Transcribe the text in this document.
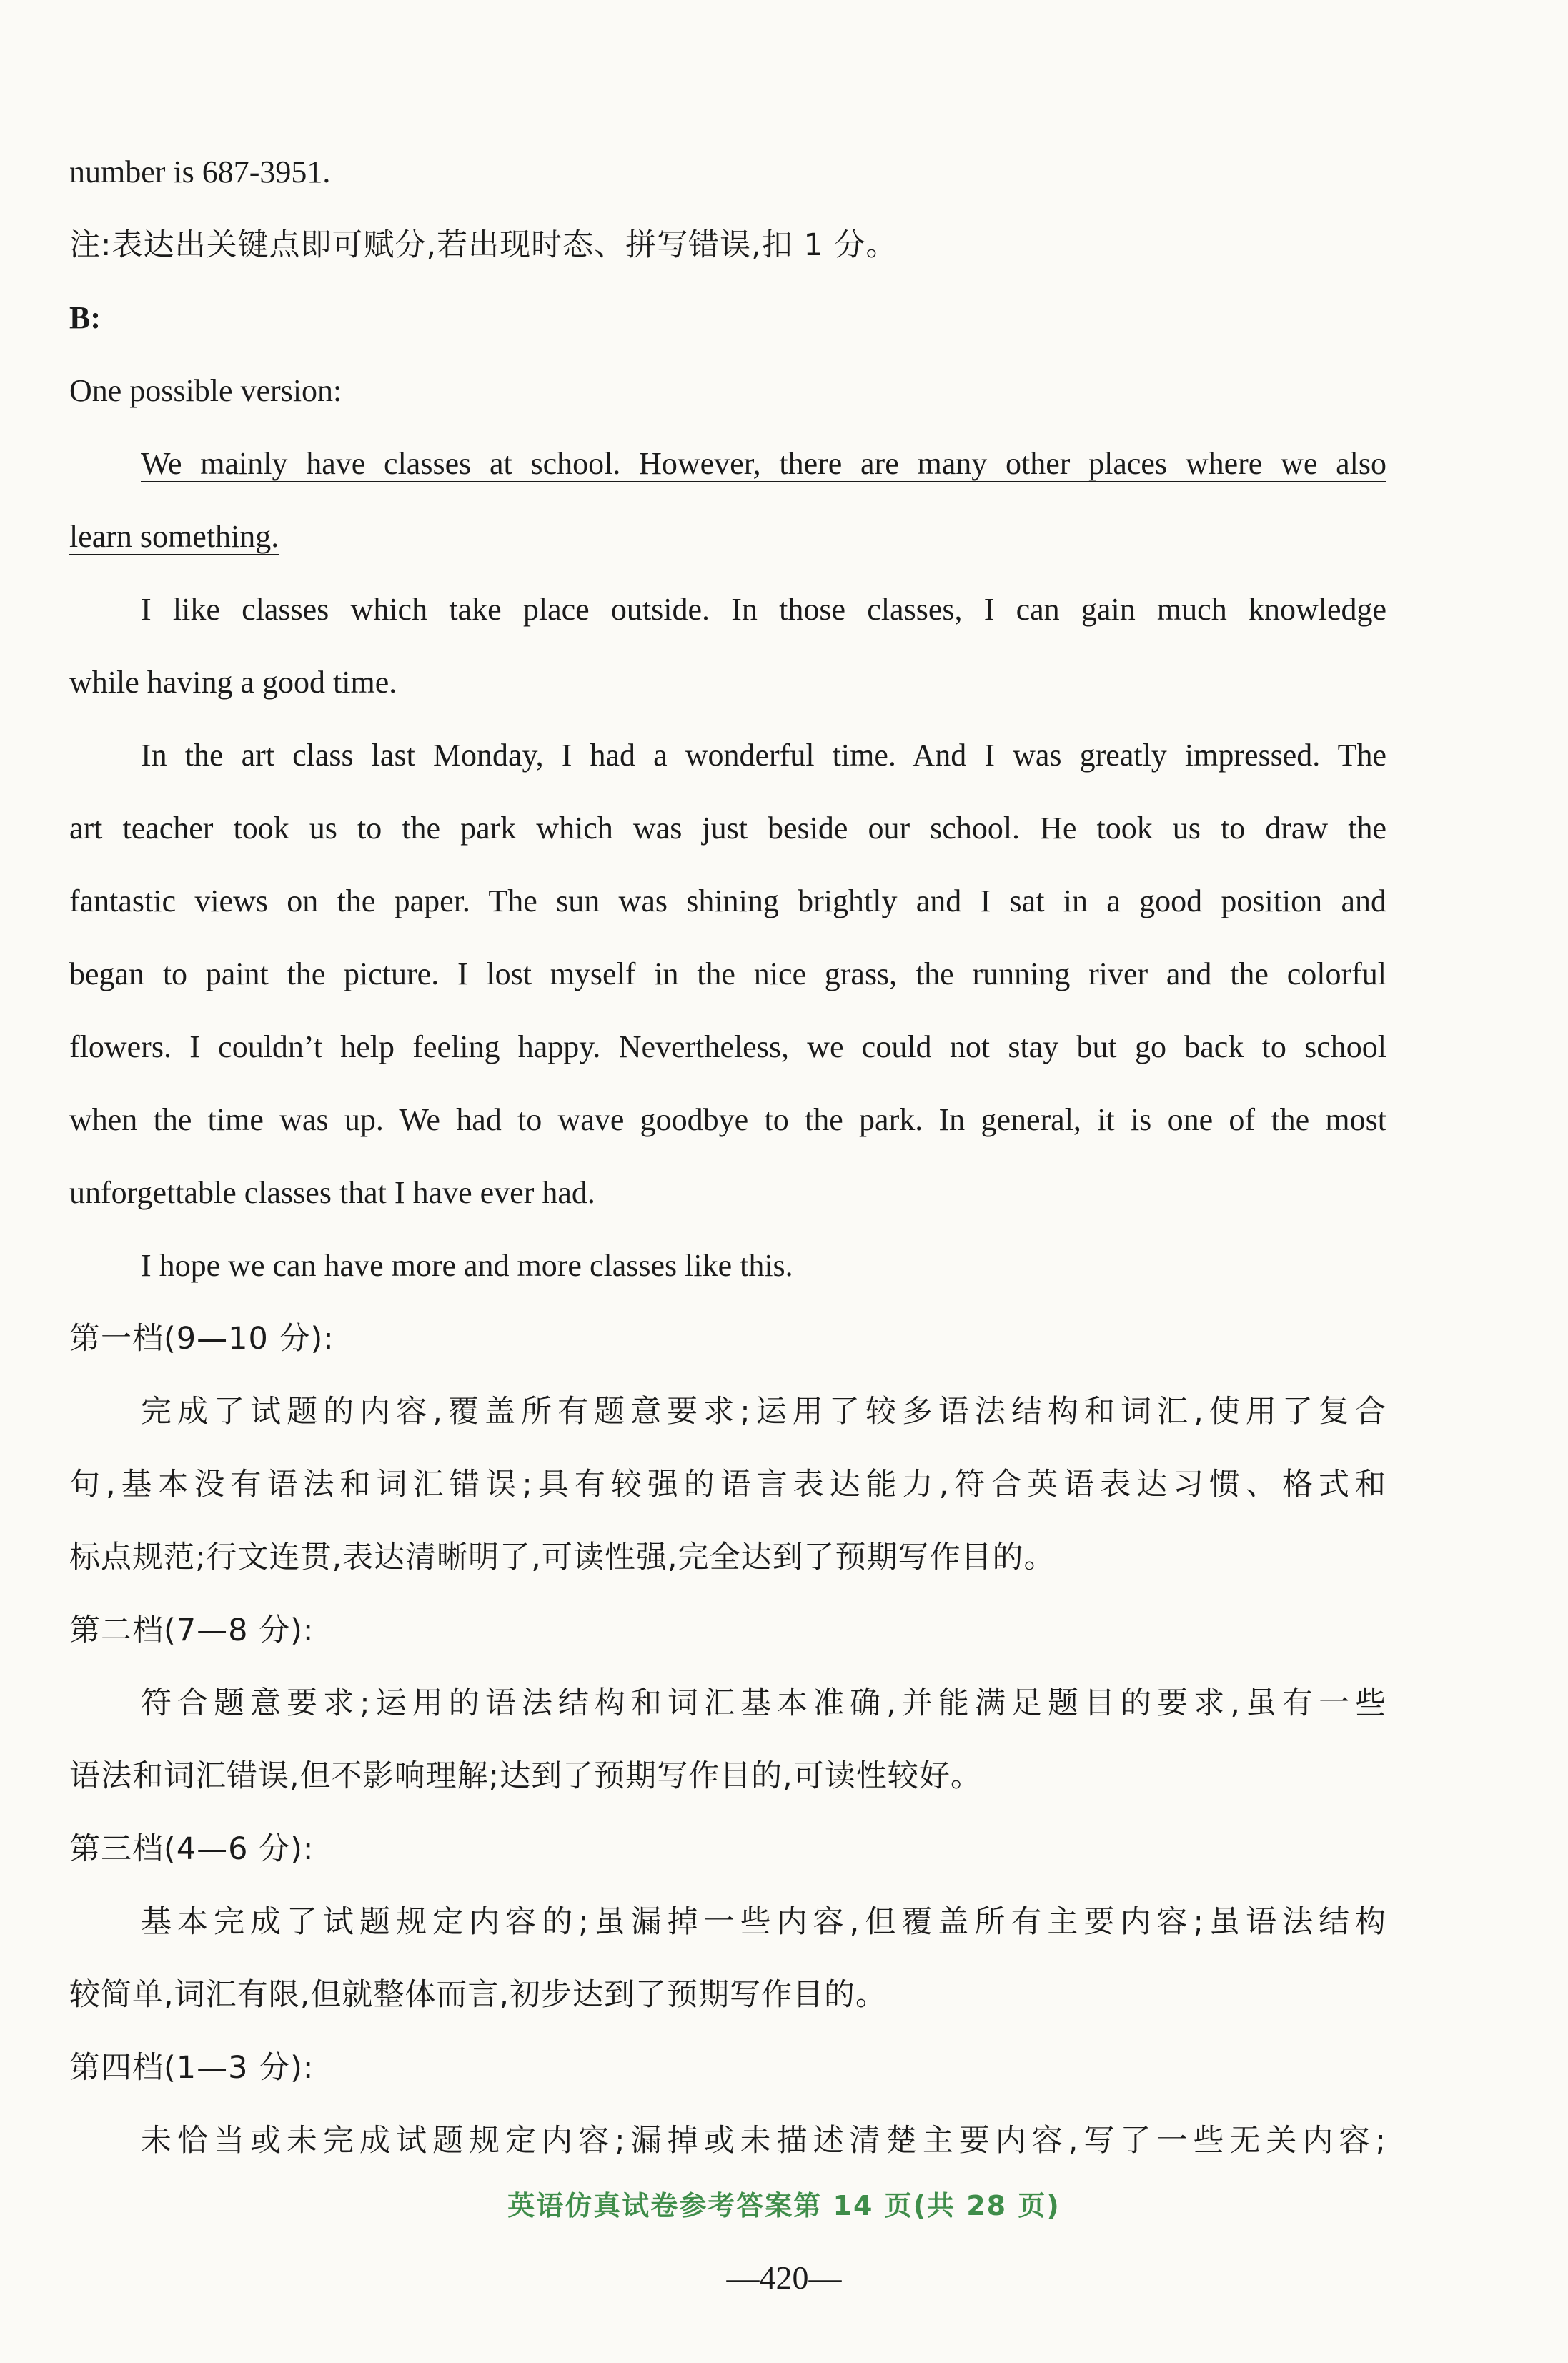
number is 687-3951.
注:表达出关键点即可赋分,若出现时态、拼写错误,扣 1 分。
B:
One possible version:
We mainly have classes at school. However, there are many other places where we also
learn something.
I like classes which take place outside. In those classes, I can gain much knowledge
while having a good time.
In the art class last Monday, I had a wonderful time. And I was greatly impressed. The
art teacher took us to the park which was just beside our school. He took us to draw the
fantastic views on the paper. The sun was shining brightly and I sat in a good position and
began to paint the picture. I lost myself in the nice grass, the running river and the colorful
flowers. I couldn’t help feeling happy. Nevertheless, we could not stay but go back to school
when the time was up. We had to wave goodbye to the park. In general, it is one of the most
unforgettable classes that I have ever had.
I hope we can have more and more classes like this.
第一档(9—10 分):
完成了试题的内容,覆盖所有题意要求;运用了较多语法结构和词汇,使用了复合
句,基本没有语法和词汇错误;具有较强的语言表达能力,符合英语表达习惯、格式和
标点规范;行文连贯,表达清晰明了,可读性强,完全达到了预期写作目的。
第二档(7—8 分):
符合题意要求;运用的语法结构和词汇基本准确,并能满足题目的要求,虽有一些
语法和词汇错误,但不影响理解;达到了预期写作目的,可读性较好。
第三档(4—6 分):
基本完成了试题规定内容的;虽漏掉一些内容,但覆盖所有主要内容;虽语法结构
较简单,词汇有限,但就整体而言,初步达到了预期写作目的。
第四档(1—3 分):
未恰当或未完成试题规定内容;漏掉或未描述清楚主要内容,写了一些无关内容;
英语仿真试卷参考答案第 14 页(共 28 页)
—420—
